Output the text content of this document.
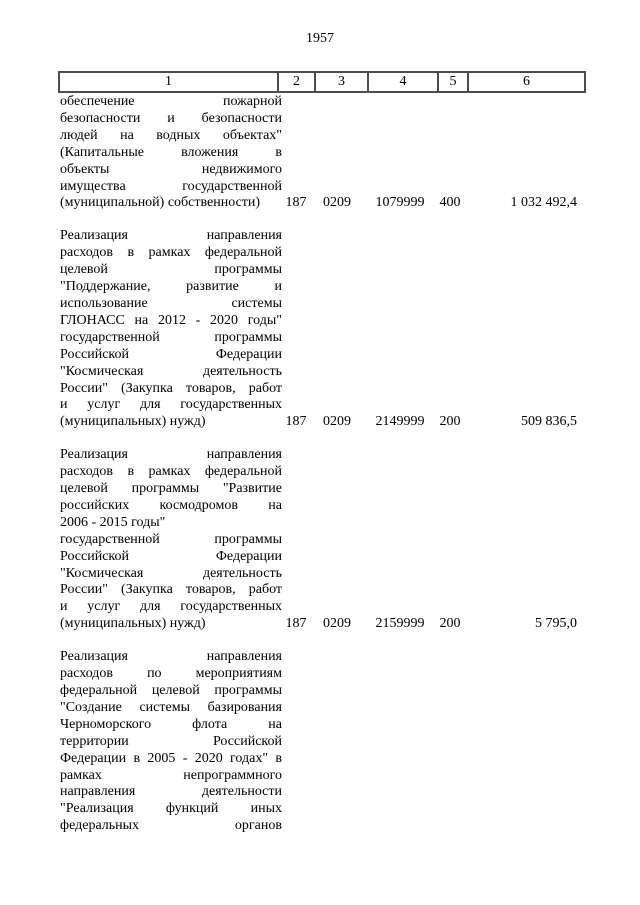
1957
1	2	3	4	5	6
обеспечение пожарной
безопасности и безопасности
людей на водных объектах"
(Капитальные вложения в
объекты недвижимого
имущества государственной
(муниципальной) собственности)	187	0209	1079999	400	1 032 492,4
Реализация направления
расходов в рамках федеральной
целевой программы
"Поддержание, развитие и
использование системы
ГЛОНАСС на 2012 - 2020 годы"
государственной программы
Российской Федерации
"Космическая деятельность
России" (Закупка товаров, работ
и услуг для государственных
(муниципальных) нужд)	187	0209	2149999	200	509 836,5
Реализация направления
расходов в рамках федеральной
целевой программы "Развитие
российских космодромов на
2006 - 2015 годы"
государственной программы
Российской Федерации
"Космическая деятельность
России" (Закупка товаров, работ
и услуг для государственных
(муниципальных) нужд)	187	0209	2159999	200	5 795,0
Реализация направления
расходов по мероприятиям
федеральной целевой программы
"Создание системы базирования
Черноморского флота на
территории Российской
Федерации в 2005 - 2020 годах" в
рамках непрограммного
направления деятельности
"Реализация функций иных
федеральных органов
